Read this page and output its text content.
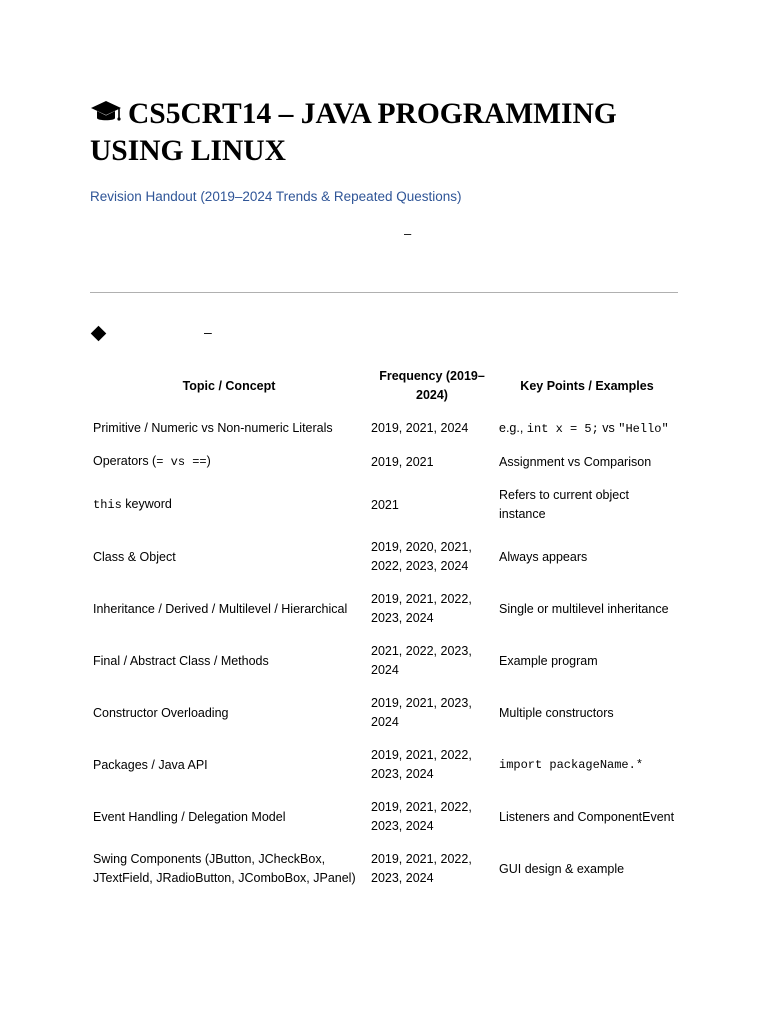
CS5CRT14 – JAVA PROGRAMMING USING LINUX
Revision Handout (2019–2024 Trends & Repeated Questions)
–
–
Topic / Concept	Frequency (2019–2024)	Key Points / Examples
Primitive / Numeric vs Non-numeric Literals	2019, 2021, 2024	e.g., int x = 5; vs "Hello"
Operators (= vs ==)	2019, 2021	Assignment vs Comparison
this keyword	2021	Refers to current object instance
Class & Object	2019, 2020, 2021, 2022, 2023, 2024	Always appears
Inheritance / Derived / Multilevel / Hierarchical	2019, 2021, 2022, 2023, 2024	Single or multilevel inheritance
Final / Abstract Class / Methods	2021, 2022, 2023, 2024	Example program
Constructor Overloading	2019, 2021, 2023, 2024	Multiple constructors
Packages / Java API	2019, 2021, 2022, 2023, 2024	import packageName.*
Event Handling / Delegation Model	2019, 2021, 2022, 2023, 2024	Listeners and ComponentEvent
Swing Components (JButton, JCheckBox, JTextField, JRadioButton, JComboBox, JPanel)	2019, 2021, 2022, 2023, 2024	GUI design & example
